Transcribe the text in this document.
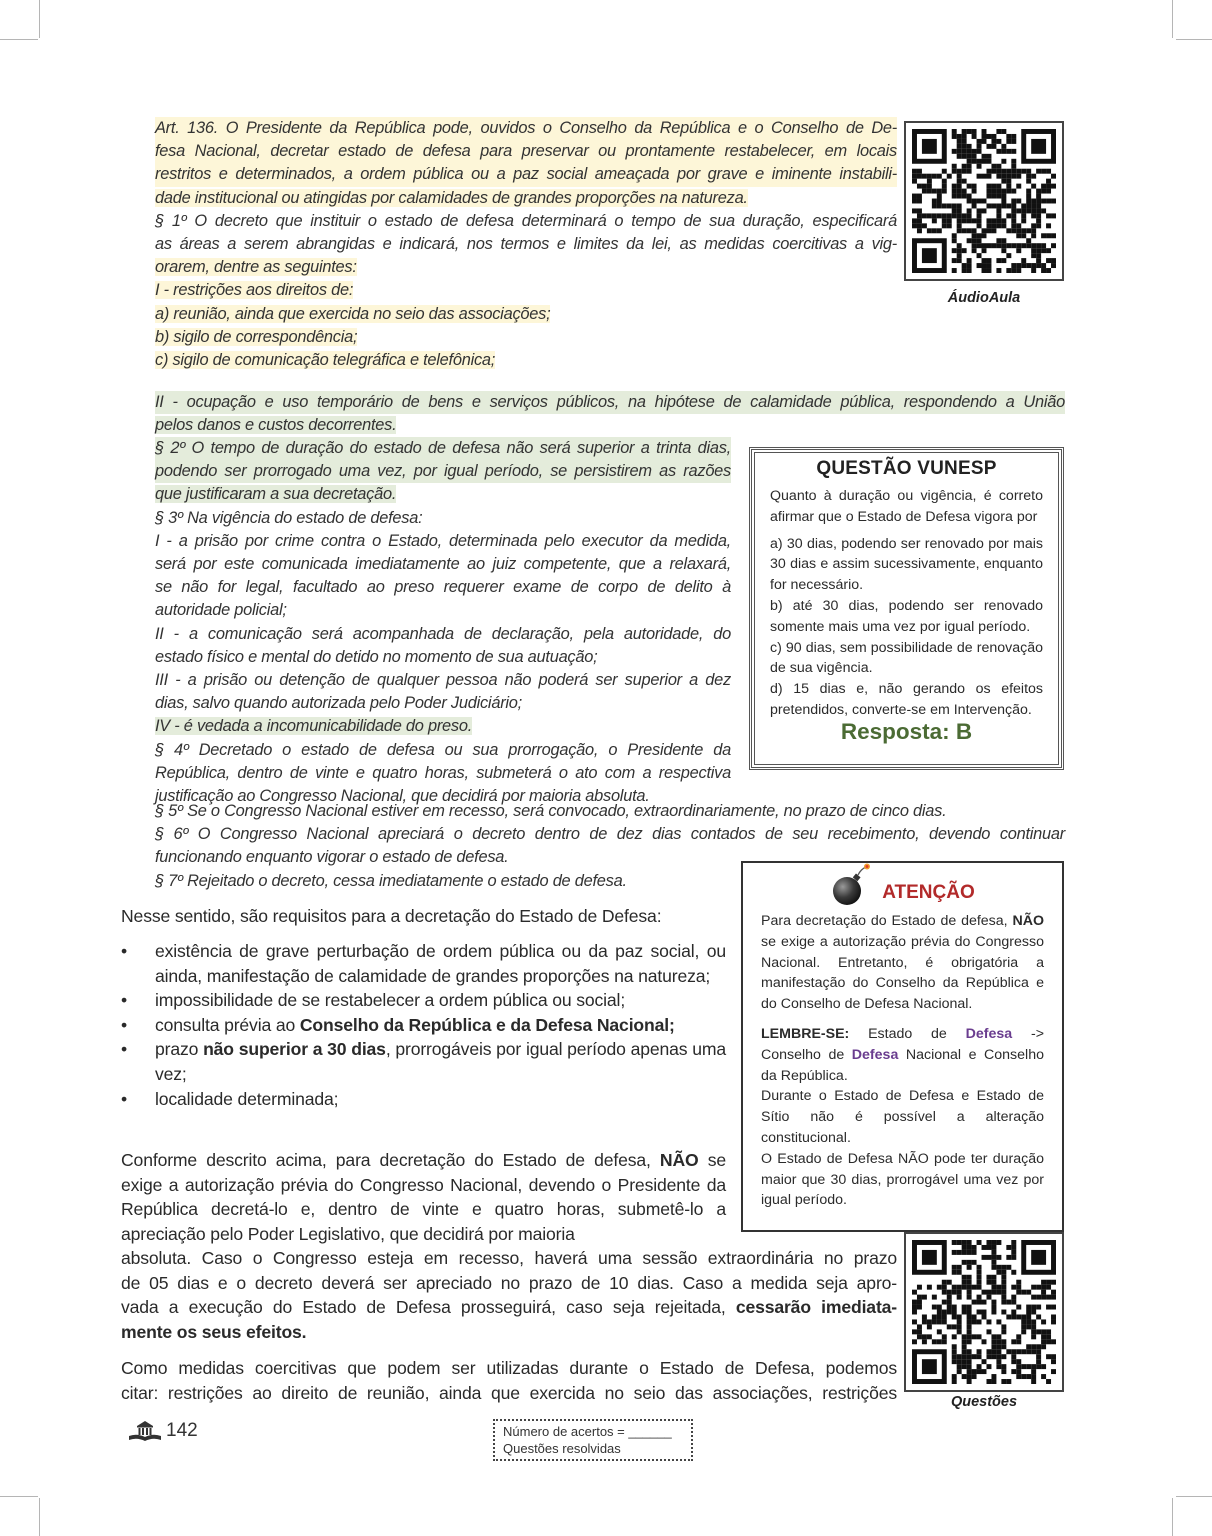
Art. 136. O Presidente da República pode, ouvidos o Conselho da República e o Conselho de De-
fesa Nacional, decretar estado de defesa para preservar ou prontamente restabelecer, em locais
restritos e determinados, a ordem pública ou a paz social ameaçada por grave e iminente instabili-
dade institucional ou atingidas por calamidades de grandes proporções na natureza.
§ 1º O decreto que instituir o estado de defesa determinará o tempo de sua duração, especificará
as áreas a serem abrangidas e indicará, nos termos e limites da lei, as medidas coercitivas a vig-
orarem, dentre as seguintes:
I - restrições aos direitos de:
a) reunião, ainda que exercida no seio das associações;
b) sigilo de correspondência;
c) sigilo de comunicação telegráfica e telefônica;
II - ocupação e uso temporário de bens e serviços públicos, na hipótese de calamidade pública, respondendo a União
pelos danos e custos decorrentes.
§ 2º O tempo de duração do estado de defesa não será superior a trinta dias,
podendo ser prorrogado uma vez, por igual período, se persistirem as razões
que justificaram a sua decretação.
§ 3º Na vigência do estado de defesa:
I - a prisão por crime contra o Estado, determinada pelo executor da medida,
será por este comunicada imediatamente ao juiz competente, que a relaxará,
se não for legal, facultado ao preso requerer exame de corpo de delito à
autoridade policial;
II - a comunicação será acompanhada de declaração, pela autoridade, do
estado físico e mental do detido no momento de sua autuação;
III - a prisão ou detenção de qualquer pessoa não poderá ser superior a dez
dias, salvo quando autorizada pelo Poder Judiciário;
IV - é vedada a incomunicabilidade do preso.
§ 4º Decretado o estado de defesa ou sua prorrogação, o Presidente da
República, dentro de vinte e quatro horas, submeterá o ato com a respectiva
justificação ao Congresso Nacional, que decidirá por maioria absoluta.
§ 5º Se o Congresso Nacional estiver em recesso, será convocado, extraordinariamente, no prazo de cinco dias.
§ 6º O Congresso Nacional apreciará o decreto dentro de dez dias contados de seu recebimento, devendo continuar
funcionando enquanto vigorar o estado de defesa.
§ 7º Rejeitado o decreto, cessa imediatamente o estado de defesa.
ÁudioAula
Questões
QUESTÃO VUNESP

Quanto à duração ou vigência, é correto afirmar que o Estado de Defesa vigora por

a) 30 dias, podendo ser renovado por mais 30 dias e assim sucessivamente, enquanto for necessário.

b) até 30 dias, podendo ser renovado somente mais uma vez por igual período.

c) 90 dias, sem possibilidade de renovação de sua vigência.

d) 15 dias e, não gerando os efeitos pretendidos, converte-se em Intervenção.

Resposta: B
ATENÇÃO

Para decretação do Estado de defesa, NÃO se exige a autorização prévia do Congresso Nacional. Entretanto, é obrigatória a manifestação do Conselho da República e do Conselho de Defesa Nacional.

LEMBRE-SE: Estado de Defesa -> Conselho de Defesa Nacional e Conselho da República.

Durante o Estado de Defesa e Estado de Sítio não é possível a alteração constitucional.

O Estado de Defesa NÃO pode ter duração maior que 30 dias, prorrogável uma vez por igual período.

Nesse sentido, são requisitos para a decretação do Estado de Defesa:
•	existência de grave perturbação de ordem pública ou da paz social, ou ainda, manifestação de calamidade de grandes proporções na natureza;
•	impossibilidade de se restabelecer a ordem pública ou social;
•	consulta prévia ao Conselho da República e da Defesa Nacional;
•	prazo não superior a 30 dias, prorrogáveis por igual período apenas uma vez;
•	localidade determinada;
Conforme descrito acima, para decretação do Estado de defesa, NÃO se exige a autorização prévia do Congresso Nacional, devendo o Presidente da República decretá-lo e, dentro de vinte e quatro horas, submetê-lo a apreciação pelo Poder Legislativo, que decidirá por maioria
absoluta. Caso o Congresso esteja em recesso, haverá uma sessão extraordinária no prazo
de 05 dias e o decreto deverá ser apreciado no prazo de 10 dias. Caso a medida seja apro-
vada a execução do Estado de Defesa prosseguirá, caso seja rejeitada, cessarão imediata-
mente os seus efeitos.
Como medidas coercitivas que podem ser utilizadas durante o Estado de Defesa, podemos
citar: restrições ao direito de reunião, ainda que exercida no seio das associações, restrições
142	Número de acertos = ______
Questões resolvidas
